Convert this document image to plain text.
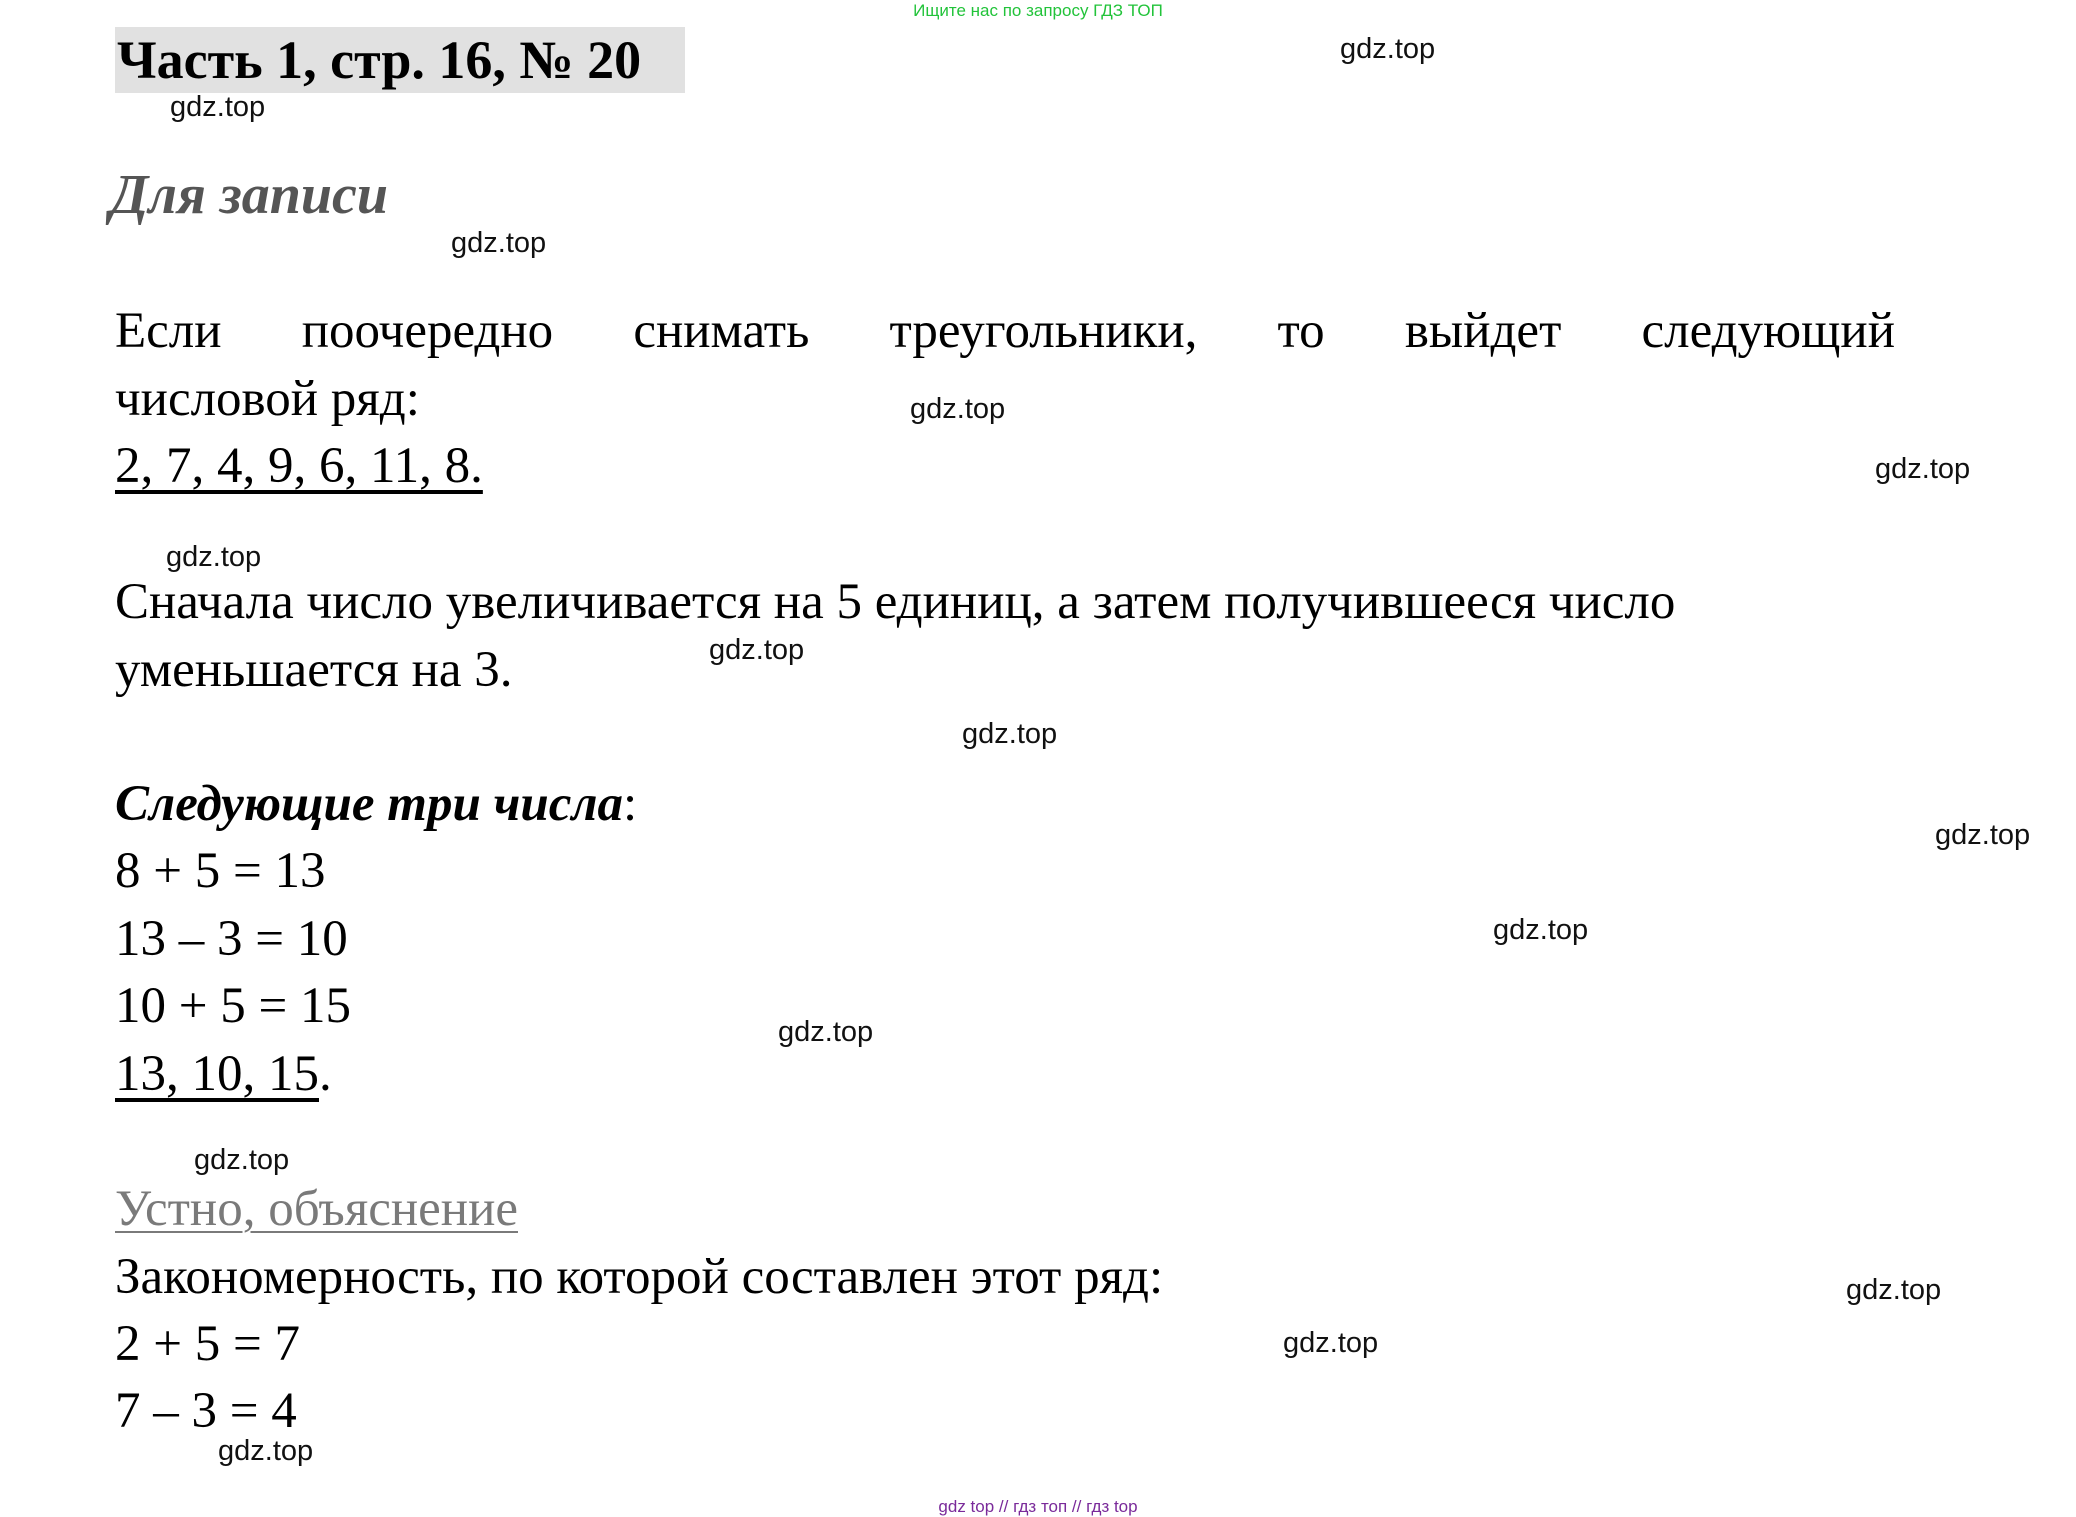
Ищите нас по запросу ГДЗ ТОП
Часть 1, стр. 16, № 20
Для записи
Если поочередно снимать треугольники, то выйдет следующий
числовой ряд:
2, 7, 4, 9, 6, 11, 8.
Сначала число увеличивается на 5 единиц, а затем получившееся число
уменьшается на 3.
Следующие три числа:
8 + 5 = 13
13 – 3 = 10
10 + 5 = 15
13, 10, 15.
Устно, объяснение
Закономерность, по которой составлен этот ряд:
2 + 5 = 7
7 – 3 = 4
gdz.top
gdz.top
gdz.top
gdz.top
gdz.top
gdz.top
gdz.top
gdz.top
gdz.top
gdz.top
gdz.top
gdz.top
gdz.top
gdz.top
gdz.top
gdz top // гдз топ // гдз top
